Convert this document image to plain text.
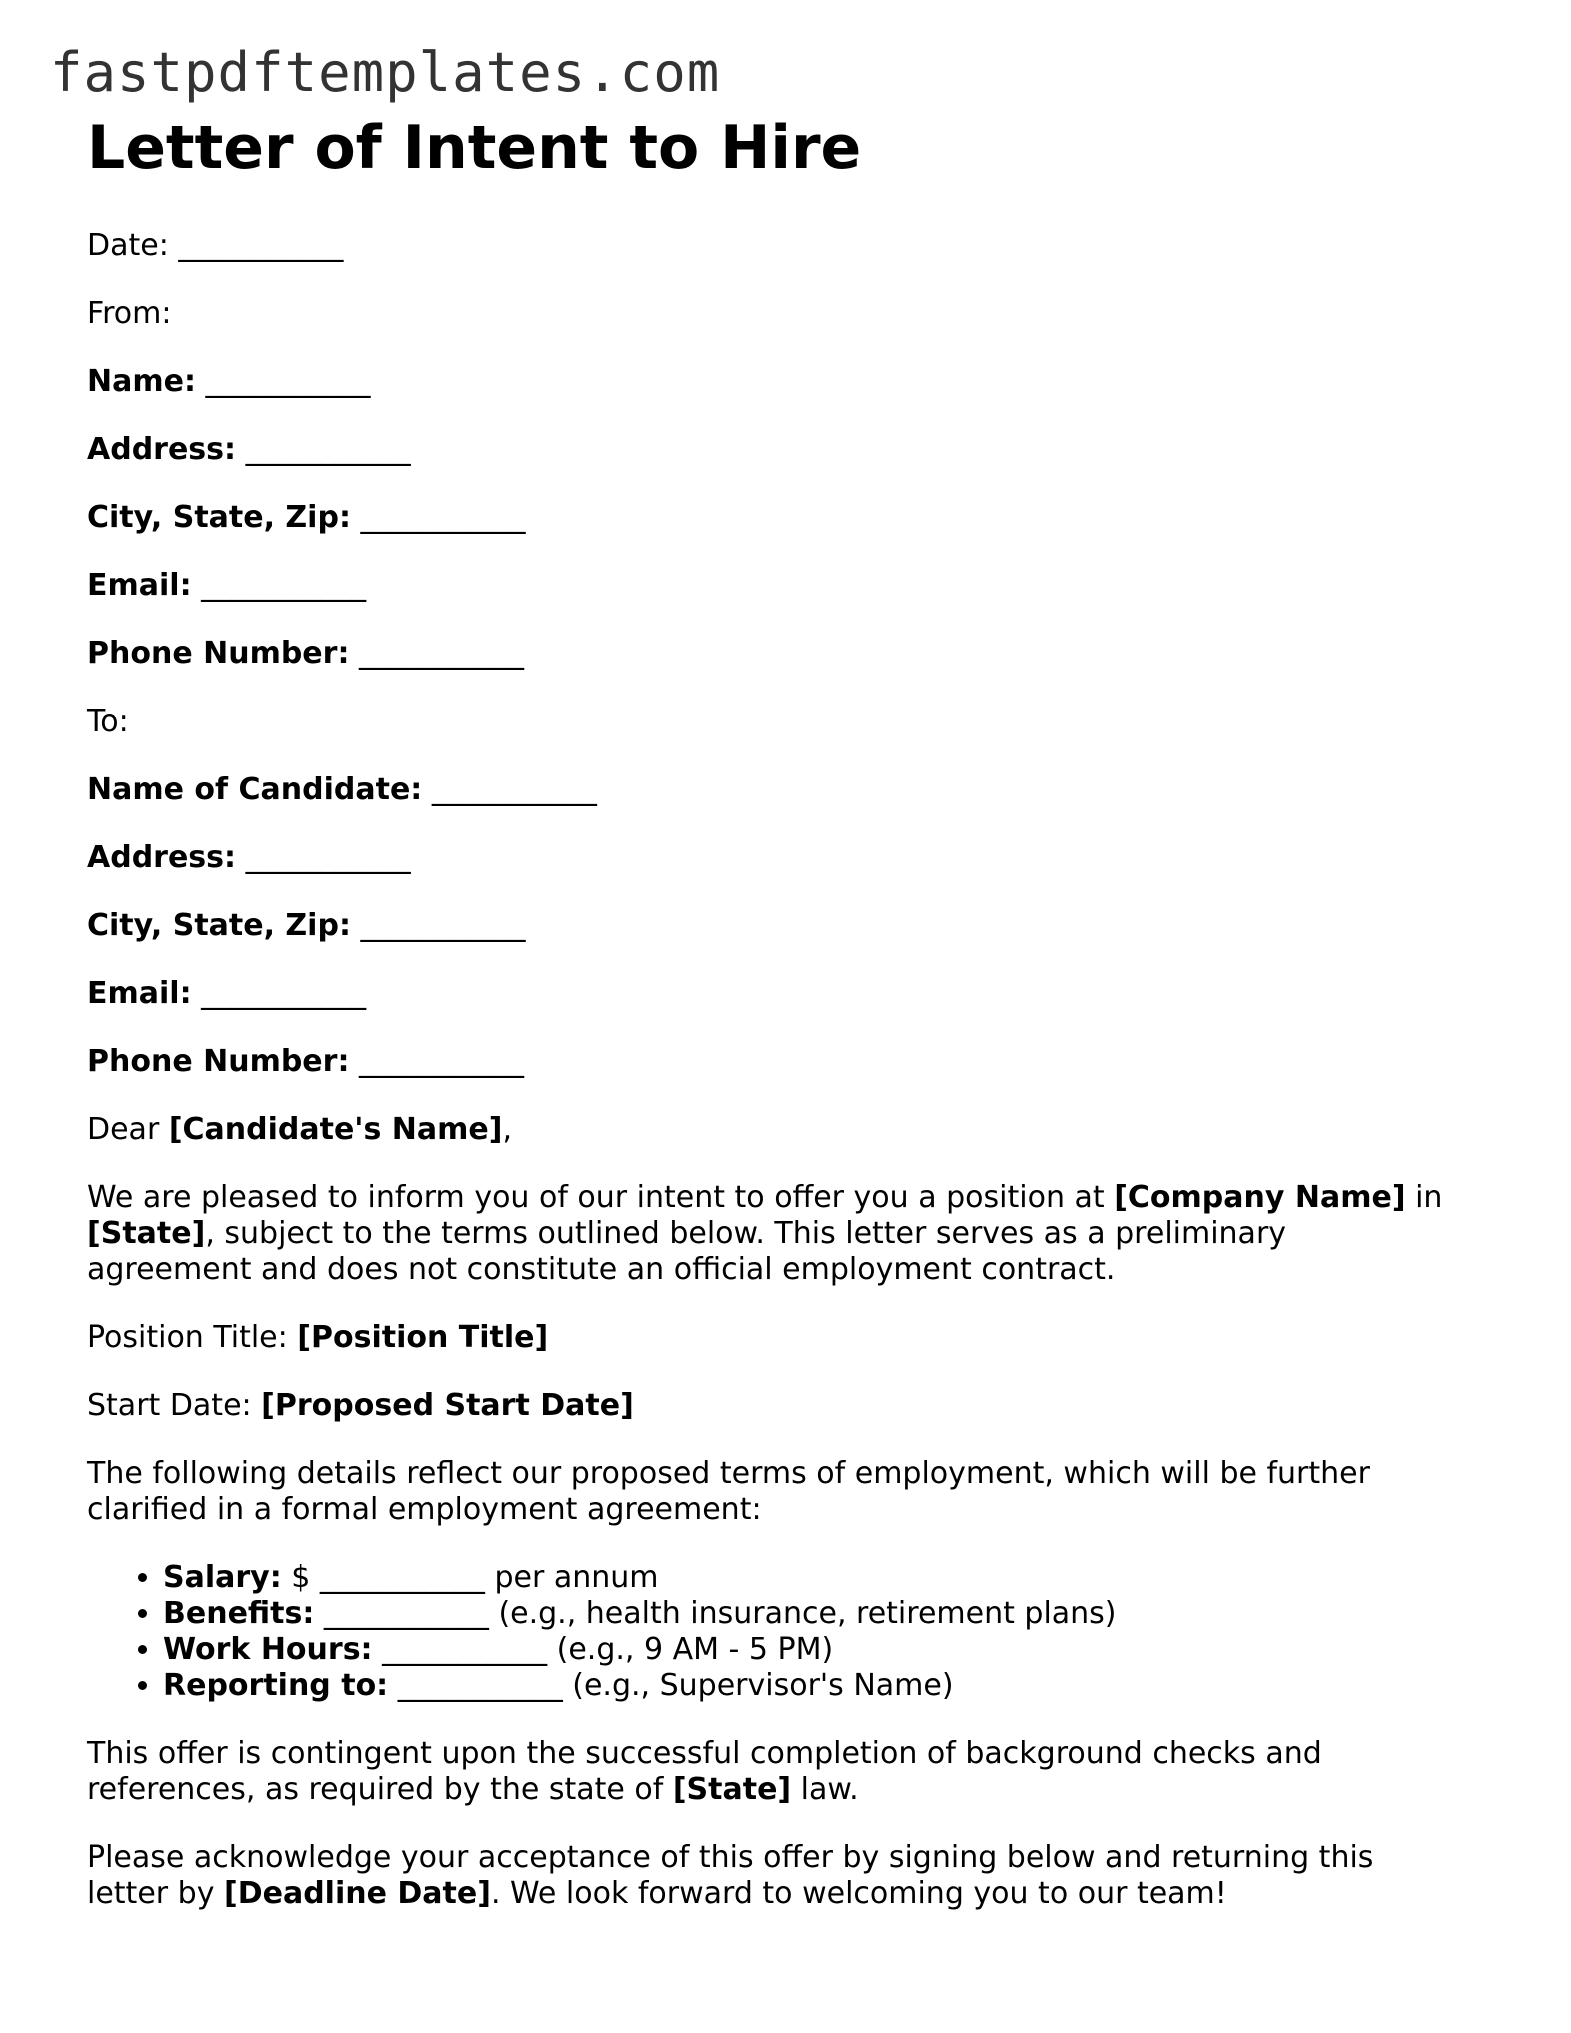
fastpdftemplates.com
Letter of Intent to Hire

Date: ___________

From:

Name: ___________

Address: ___________

City, State, Zip: ___________

Email: ___________

Phone Number: ___________

To:

Name of Candidate: ___________

Address: ___________

City, State, Zip: ___________

Email: ___________

Phone Number: ___________

Dear [Candidate's Name],

We are pleased to inform you of our intent to offer you a position at [Company Name] in
[State], subject to the terms outlined below. This letter serves as a preliminary
agreement and does not constitute an official employment contract.

Position Title: [Position Title]

Start Date: [Proposed Start Date]

The following details reflect our proposed terms of employment, which will be further
clarified in a formal employment agreement:
• Salary: $ ___________ per annum
• Benefits: ___________ (e.g., health insurance, retirement plans)
• Work Hours: ___________ (e.g., 9 AM - 5 PM)
• Reporting to: ___________ (e.g., Supervisor's Name)
This offer is contingent upon the successful completion of background checks and
references, as required by the state of [State] law.
Please acknowledge your acceptance of this offer by signing below and returning this
letter by [Deadline Date]. We look forward to welcoming you to our team!
